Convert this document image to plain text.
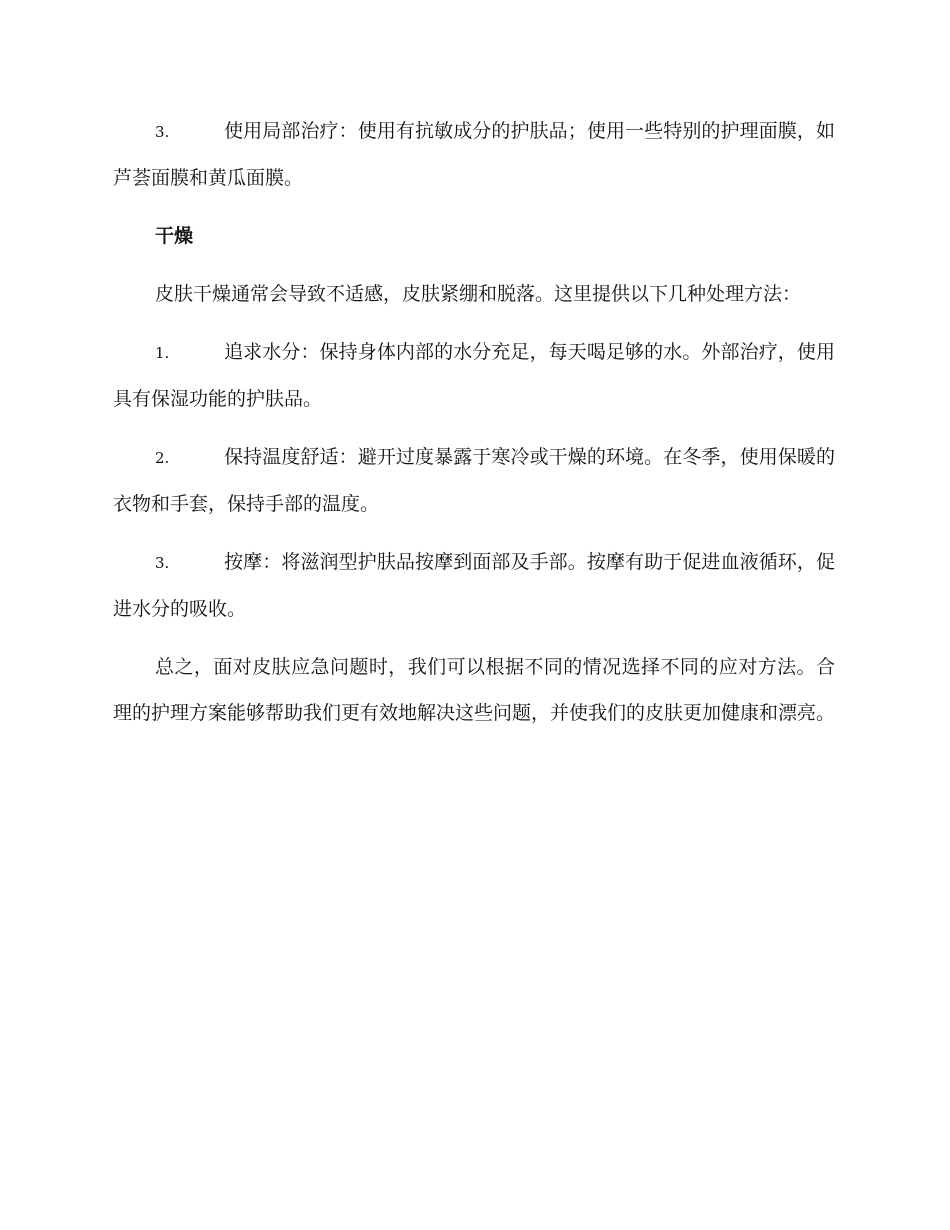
3.	使用局部治疗：使用有抗敏成分的护肤品；使用一些特别的护理面膜，如芦荟面膜和黄瓜面膜。

干燥

皮肤干燥通常会导致不适感，皮肤紧绷和脱落。这里提供以下几种处理方法：

1.	追求水分：保持身体内部的水分充足，每天喝足够的水。外部治疗，使用具有保湿功能的护肤品。

2.	保持温度舒适：避开过度暴露于寒冷或干燥的环境。在冬季，使用保暖的衣物和手套，保持手部的温度。

3.	按摩：将滋润型护肤品按摩到面部及手部。按摩有助于促进血液循环，促进水分的吸收。

总之，面对皮肤应急问题时，我们可以根据不同的情况选择不同的应对方法。合理的护理方案能够帮助我们更有效地解决这些问题，并使我们的皮肤更加健康和漂亮。
